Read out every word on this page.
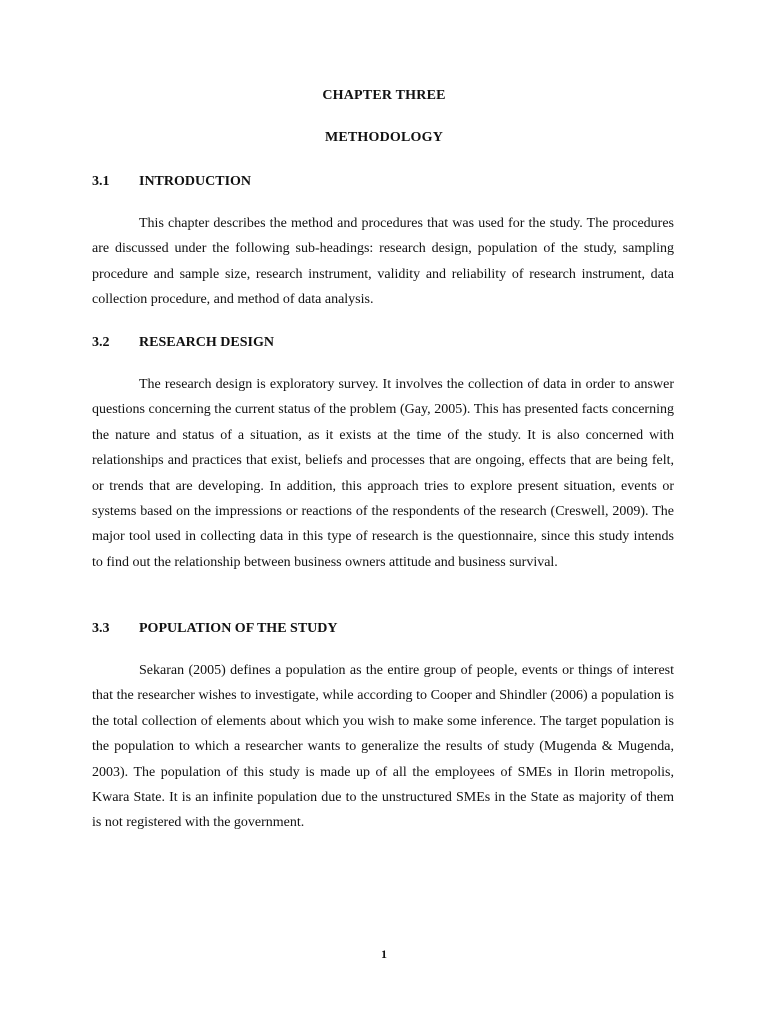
CHAPTER THREE
METHODOLOGY
3.1 INTRODUCTION
This chapter describes the method and procedures that was used for the study. The procedures are discussed under the following sub-headings: research design, population of the study, sampling procedure and sample size, research instrument, validity and reliability of research instrument, data collection procedure, and method of data analysis.
3.2 RESEARCH DESIGN
The research design is exploratory survey. It involves the collection of data in order to answer questions concerning the current status of the problem (Gay, 2005). This has presented facts concerning the nature and status of a situation, as it exists at the time of the study. It is also concerned with relationships and practices that exist, beliefs and processes that are ongoing, effects that are being felt, or trends that are developing. In addition, this approach tries to explore present situation, events or systems based on the impressions or reactions of the respondents of the research (Creswell, 2009). The major tool used in collecting data in this type of research is the questionnaire, since this study intends to find out the relationship between business owners attitude and business survival.
3.3 POPULATION OF THE STUDY
Sekaran (2005) defines a population as the entire group of people, events or things of interest that the researcher wishes to investigate, while according to Cooper and Shindler (2006) a population is the total collection of elements about which you wish to make some inference. The target population is the population to which a researcher wants to generalize the results of study (Mugenda & Mugenda, 2003). The population of this study is made up of all the employees of SMEs in Ilorin metropolis, Kwara State. It is an infinite population due to the unstructured SMEs in the State as majority of them is not registered with the government.
1
